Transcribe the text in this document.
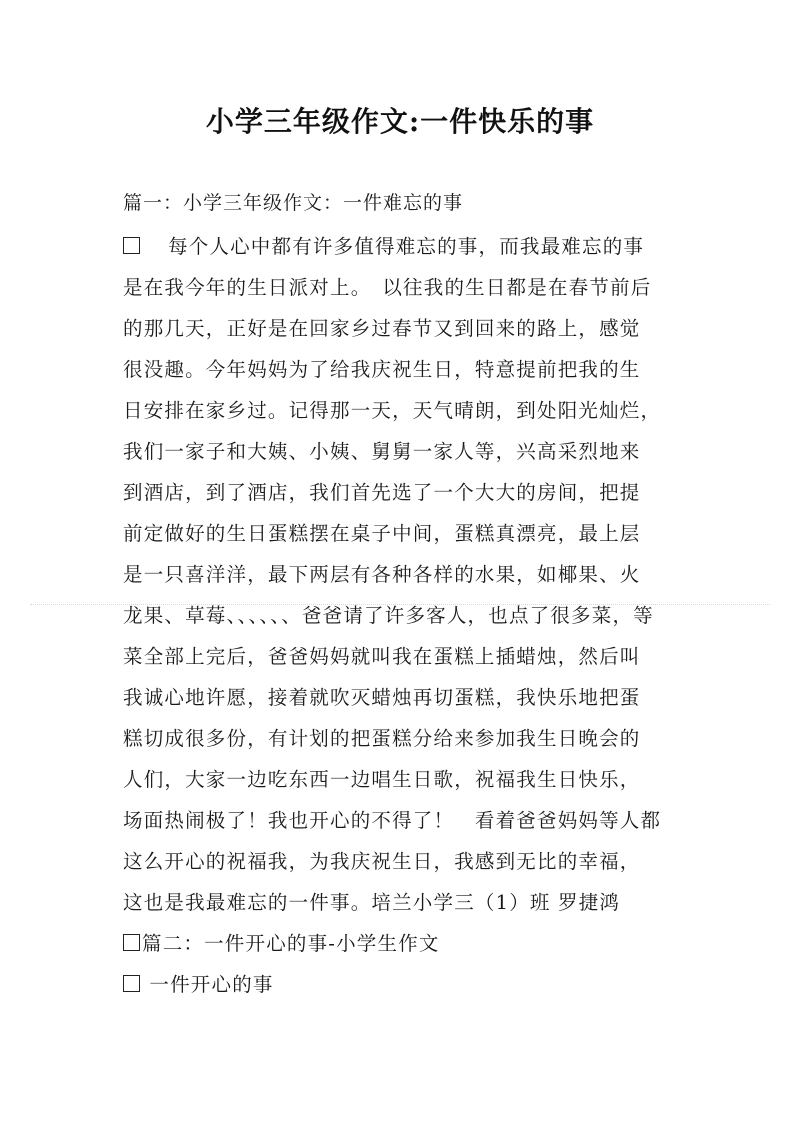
小学三年级作文:一件快乐的事
篇一：小学三年级作文：一件难忘的事
每个人心中都有许多值得难忘的事，而我最难忘的事
是在我今年的生日派对上。　以往我的生日都是在春节前后
的那几天，正好是在回家乡过春节又到回来的路上，感觉
很没趣。今年妈妈为了给我庆祝生日，特意提前把我的生
日安排在家乡过。记得那一天，天气晴朗，到处阳光灿烂，
我们一家子和大姨、小姨、舅舅一家人等，兴高采烈地来
到酒店，到了酒店，我们首先选了一个大大的房间，把提
前定做好的生日蛋糕摆在桌子中间，蛋糕真漂亮，最上层
是一只喜洋洋，最下两层有各种各样的水果，如椰果、火
龙果、草莓、、、、、、爸爸请了许多客人，也点了很多菜，等
菜全部上完后，爸爸妈妈就叫我在蛋糕上插蜡烛，然后叫
我诚心地许愿，接着就吹灭蜡烛再切蛋糕，我快乐地把蛋
糕切成很多份，有计划的把蛋糕分给来参加我生日晚会的
人们，大家一边吃东西一边唱生日歌，祝福我生日快乐，
场面热闹极了！我也开心的不得了！　看着爸爸妈妈等人都
这么开心的祝福我，为我庆祝生日，我感到无比的幸福，
这也是我最难忘的一件事。培兰小学三（1）班 罗捷鸿
篇二：一件开心的事-小学生作文
一件开心的事
